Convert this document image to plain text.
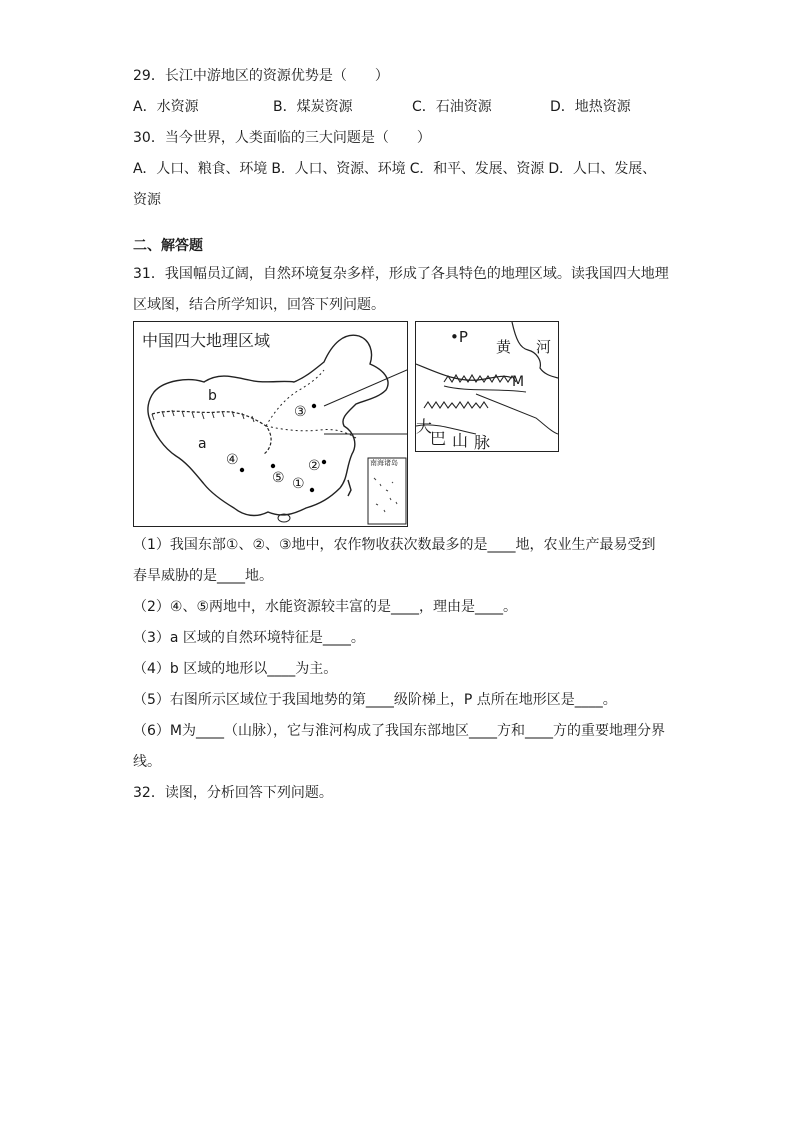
29．长江中游地区的资源优势是（　　）
A．水资源	B．煤炭资源	C．石油资源	D．地热资源
30．当今世界，人类面临的三大问题是（　　）
A．人口、粮食、环境 B．人口、资源、环境 C．和平、发展、资源 D．人口、发展、
资源
二、解答题
31．我国幅员辽阔，自然环境复杂多样，形成了各具特色的地理区域。读我国四大地理
区域图，结合所学知识，回答下列问题。
中国四大地理区域
b
a
③
④
⑤
②
①
南海诸岛
•P
黄 河
M
大
巴 山 脉
（1）我国东部①、②、③地中，农作物收获次数最多的是____地，农业生产最易受到
春旱威胁的是____地。
（2）④、⑤两地中，水能资源较丰富的是____，理由是____。
（3）a 区域的自然环境特征是____。
（4）b 区域的地形以____为主。
（5）右图所示区域位于我国地势的第____级阶梯上，P 点所在地形区是____。
（6）M为____（山脉），它与淮河构成了我国东部地区____方和____方的重要地理分界
线。
32．读图，分析回答下列问题。
